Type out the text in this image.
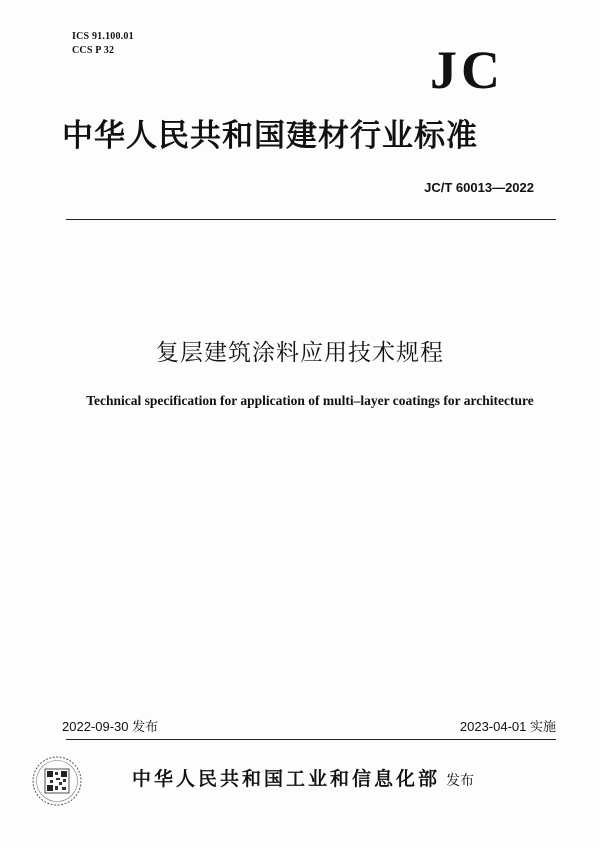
ICS 91.100.01
CCS P 32	JC
中华人民共和国建材行业标准
JC/T 60013—2022
复层建筑涂料应用技术规程
Technical specification for application of multi–layer coatings for architecture
2022-09-30 发布	2023-04-01 实施
中华人民共和国工业和信息化部 发布
